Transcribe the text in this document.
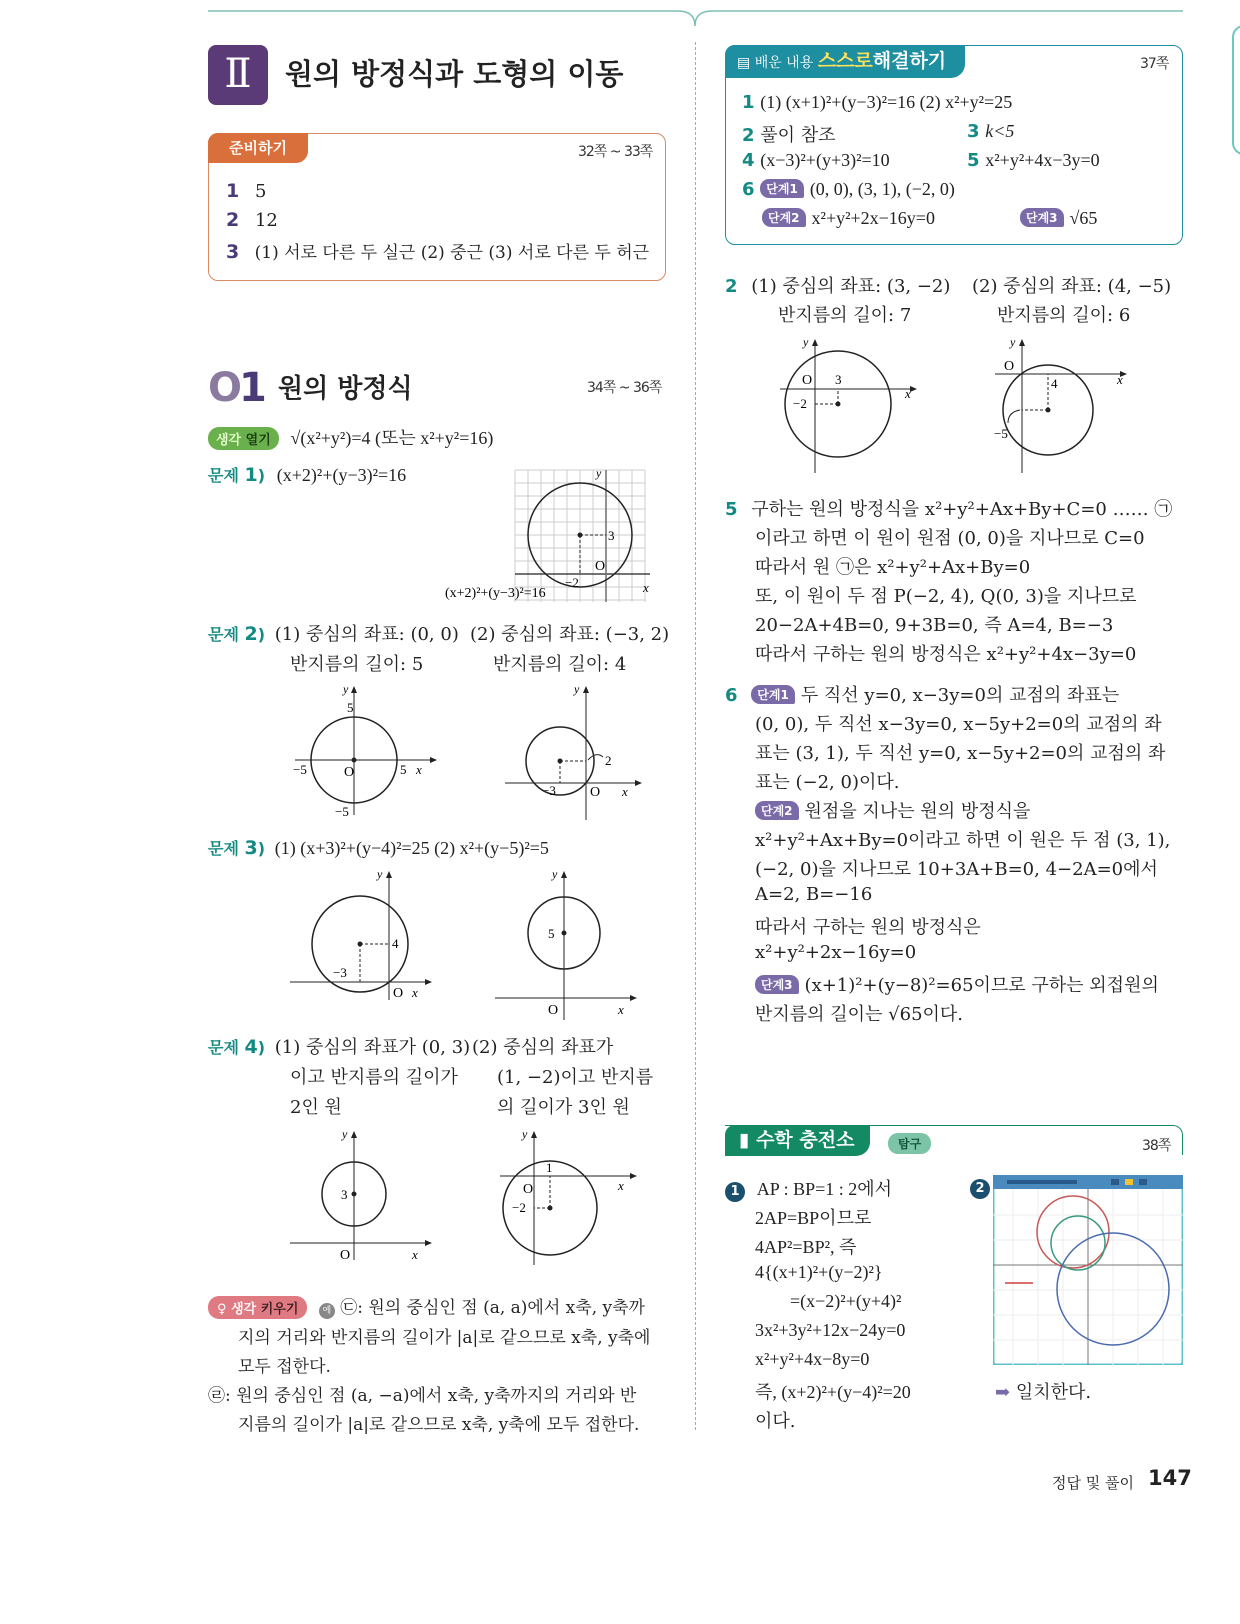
Ⅱ	원의 방정식과 도형의 이동
준비하기	32쪽 ~ 33쪽
1 5
2 12
3 (1) 서로 다른 두 실근 (2) 중근 (3) 서로 다른 두 허근
O1 원의 방정식	34쪽 ~ 36쪽
생각 열기 √(x²+y²)=4 (또는 x²+y²=16)
문제 1) (x+2)²+(y−3)²=16
3
O
−2
y
x
(x+2)²+(y−3)²=16
문제 2) (1) 중심의 좌표: (0, 0)
반지름의 길이: 5
(2) 중심의 좌표: (−3, 2)
반지름의 길이: 4
5
y
−5	O	5 x
−5
2
y
−3 O x
문제 3) (1) (x+3)²+(y−4)²=25 (2) x²+(y−5)²=5
4
−3
O x
y
5
y
O	x
문제 4) (1) 중심의 좌표가 (0, 3)
이고 반지름의 길이가
2인 원
(2) 중심의 좌표가
(1, −2)이고 반지름
의 길이가 3인 원
3
y
O	x
y
1
O
−2
x
♀ 생각 키우기	예 ㉢: 원의 중심인 점 (a, a)에서 x축, y축까
지의 거리와 반지름의 길이가 |a|로 같으므로 x축, y축에
모두 접한다.
㉣: 원의 중심인 점 (a, −a)에서 x축, y축까지의 거리와 반
지름의 길이가 |a|로 같으므로 x축, y축에 모두 접한다.
▤ 배운 내용 스스로해결하기	37쪽
1 (1) (x+1)²+(y−3)²=16 (2) x²+y²=25
2 풀이 참조	3 k<5
4 (x−3)²+(y+3)²=10	5 x²+y²+4x−3y=0
6 단계1 (0, 0), (3, 1), (−2, 0)
단계2 x²+y²+2x−16y=0	단계3 √65
2 (1) 중심의 좌표: (3, −2)
반지름의 길이: 7
(2) 중심의 좌표: (4, −5)
반지름의 길이: 6
y
O 3
−2
x
y
O
4
−5
x
5 구하는 원의 방정식을 x²+y²+Ax+By+C=0 …… ㉠
이라고 하면 이 원이 원점 (0, 0)을 지나므로 C=0
따라서 원 ㉠은 x²+y²+Ax+By=0
또, 이 원이 두 점 P(−2, 4), Q(0, 3)을 지나므로
20−2A+4B=0, 9+3B=0, 즉 A=4, B=−3
따라서 구하는 원의 방정식은 x²+y²+4x−3y=0
6 단계1 두 직선 y=0, x−3y=0의 교점의 좌표는
(0, 0), 두 직선 x−3y=0, x−5y+2=0의 교점의 좌
표는 (3, 1), 두 직선 y=0, x−5y+2=0의 교점의 좌
표는 (−2, 0)이다.
단계2 원점을 지나는 원의 방정식을
x²+y²+Ax+By=0이라고 하면 이 원은 두 점 (3, 1),
(−2, 0)을 지나므로 10+3A+B=0, 4−2A=0에서
A=2, B=−16
따라서 구하는 원의 방정식은
x²+y²+2x−16y=0
단계3 (x+1)²+(y−8)²=65이므로 구하는 외접원의
반지름의 길이는 √65이다.
▮ 수학 충전소	탐구	38쪽
1 AP : BP=1 : 2에서
2AP=BP이므로
4AP²=BP², 즉
4{(x+1)²+(y−2)²}
=(x−2)²+(y+4)²
3x²+3y²+12x−24y=0
x²+y²+4x−8y=0
즉, (x+2)²+(y−4)²=20
이다.
2
➡ 일치한다.
정답 및 풀이 147
